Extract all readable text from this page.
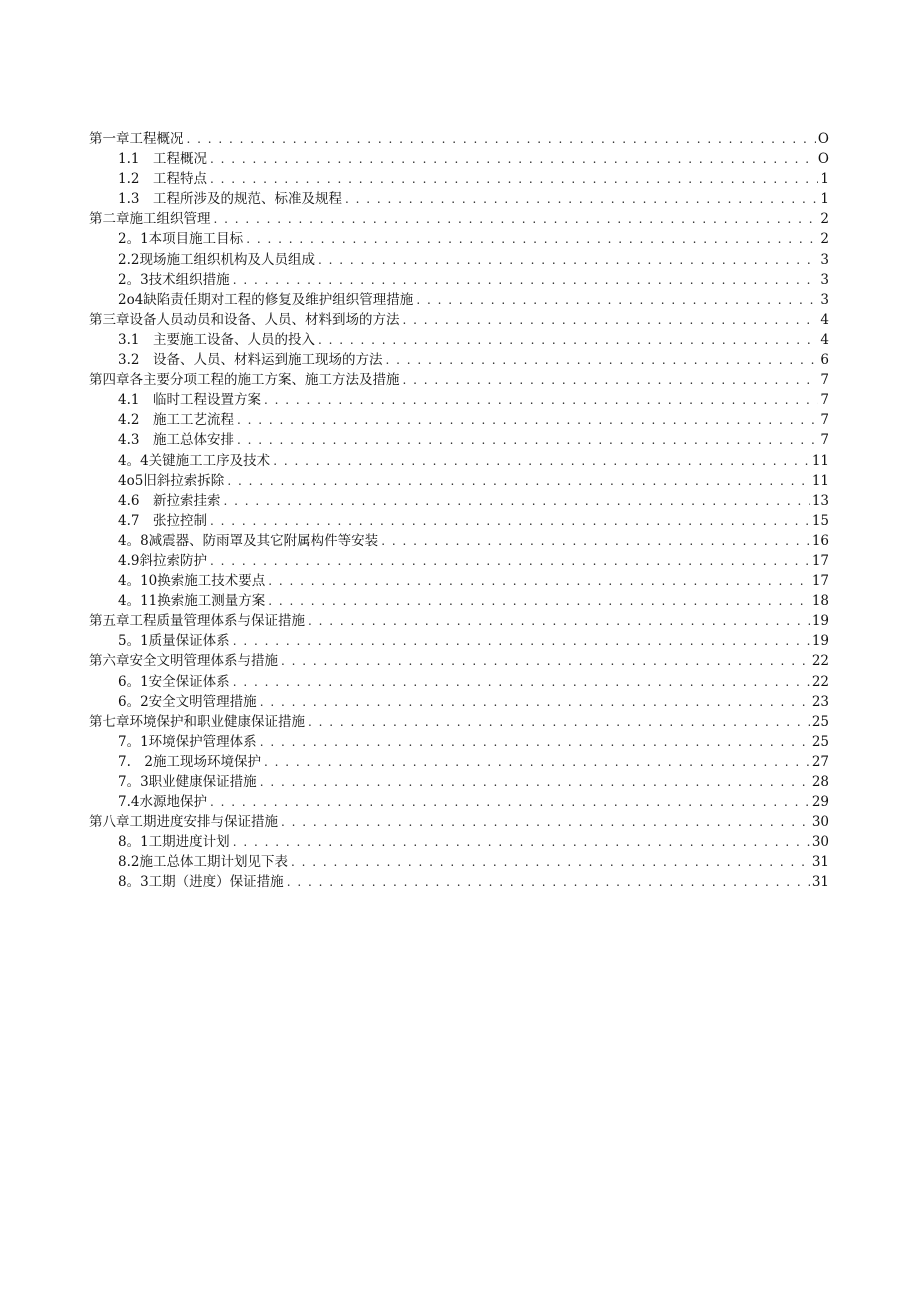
第一章工程概况 . . .	O
1.1　工程概况 . . .	O
1.2　工程特点 . . .	1
1.3　工程所涉及的规范、标准及规程 . . .	1
第二章施工组织管理 . . .	2
2。1本项目施工目标 . . .	2
2.2现场施工组织机构及人员组成 . . .	3
2。3技术组织措施 . . .	3
2o4缺陷责任期对工程的修复及维护组织管理措施 . . .	3
第三章设备人员动员和设备、人员、材料到场的方法 . . .	4
3.1　主要施工设备、人员的投入 . . .	4
3.2　设备、人员、材料运到施工现场的方法 . . .	6
第四章各主要分项工程的施工方案、施工方法及措施 . . .	7
4.1　临时工程设置方案 . . .	7
4.2　施工工艺流程 . . .	7
4.3　施工总体安排 . . .	7
4。4关键施工工序及技术 . . .	11
4o5旧斜拉索拆除 . . .	11
4.6　新拉索挂索 . . .	13
4.7　张拉控制 . . .	15
4。8减震器、防雨罩及其它附属构件等安装 . . .	16
4.9斜拉索防护 . . .	17
4。10换索施工技术要点 . . .	17
4。11换索施工测量方案 . . .	18
第五章工程质量管理体系与保证措施 . . .	19
5。1质量保证体系 . . .	19
第六章安全文明管理体系与措施 . . .	22
6。1安全保证体系 . . .	22
6。2安全文明管理措施 . . .	23
第七章环境保护和职业健康保证措施 . . .	25
7。1环境保护管理体系 . . .	25
7.　2施工现场环境保护 . . .	27
7。3职业健康保证措施 . . .	28
7.4水源地保护 . . .	29
第八章工期进度安排与保证措施 . . .	30
8。1工期进度计划 . . .	30
8.2施工总体工期计划见下表 . . .	31
8。3工期（进度）保证措施 . . .	31
